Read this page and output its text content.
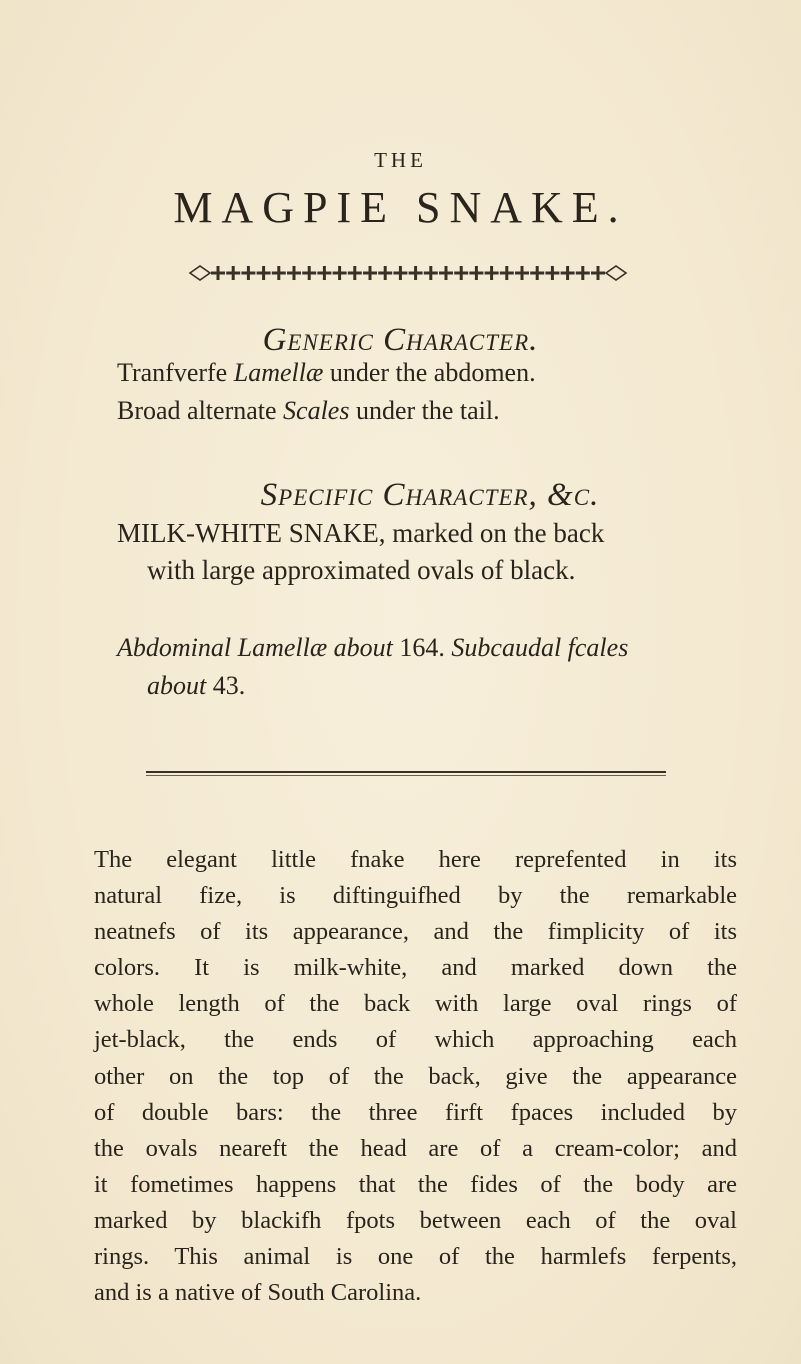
THE
MAGPIE SNAKE.
Generic Character.
Tranfverfe Lamellæ under the abdomen.
Broad alternate Scales under the tail.
Specific Character, &c.
MILK-WHITE SNAKE, marked on the back
with large approximated ovals of black.
Abdominal Lamellæ about 164. Subcaudal fcales
about 43.
The elegant little fnake here reprefented in its
natural fize, is diftinguifhed by the remarkable
neatnefs of its appearance, and the fimplicity of its
colors. It is milk-white, and marked down the
whole length of the back with large oval rings of
jet-black, the ends of which approaching each
other on the top of the back, give the appearance
of double bars: the three firft fpaces included by
the ovals neareft the head are of a cream-color; and
it fometimes happens that the fides of the body are
marked by blackifh fpots between each of the oval
rings. This animal is one of the harmlefs ferpents,
and is a native of South Carolina.
